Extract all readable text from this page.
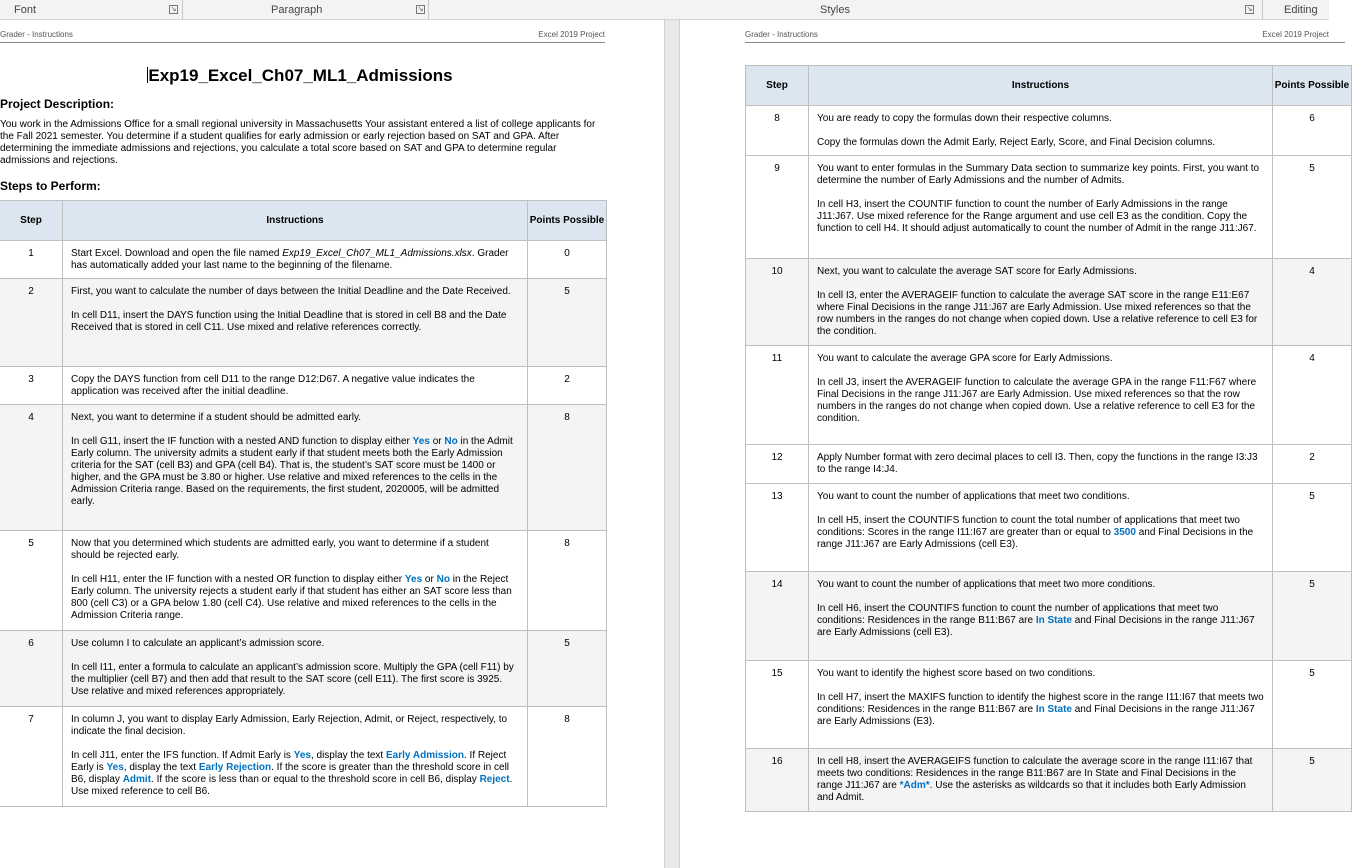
Font	↘	Paragraph	↘	Styles	↘	Editing
Grader - Instructions	Excel 2019 Project
Exp19_Excel_Ch07_ML1_Admissions
Project Description:
You work in the Admissions Office for a small regional university in Massachusetts Your assistant entered a list of college applicants for the Fall 2021 semester. You determine if a student qualifies for early admission or early rejection based on SAT and GPA. After determining the immediate admissions and rejections, you calculate a total score based on SAT and GPA to determine regular admissions and rejections.
Steps to Perform:
Step	Instructions	Points Possible
1	Start Excel. Download and open the file named Exp19_Excel_Ch07_ML1_Admissions.xlsx. Grader has automatically added your last name to the beginning of the filename.	0
2	First, you want to calculate the number of days between the Initial Deadline and the Date Received.

In cell D11, insert the DAYS function using the Initial Deadline that is stored in cell B8 and the Date Received that is stored in cell C11. Use mixed and relative references correctly.	5
3	Copy the DAYS function from cell D11 to the range D12:D67. A negative value indicates the application was received after the initial deadline.	2
4	Next, you want to determine if a student should be admitted early.

In cell G11, insert the IF function with a nested AND function to display either Yes or No in the Admit Early column. The university admits a student early if that student meets both the Early Admission criteria for the SAT (cell B3) and GPA (cell B4). That is, the student’s SAT score must be 1400 or higher, and the GPA must be 3.80 or higher. Use relative and mixed references to the cells in the Admission Criteria range. Based on the requirements, the first student, 2020005, will be admitted early.	8
5	Now that you determined which students are admitted early, you want to determine if a student should be rejected early.

In cell H11, enter the IF function with a nested OR function to display either Yes or No in the Reject Early column. The university rejects a student early if that student has either an SAT score less than 800 (cell C3) or a GPA below 1.80 (cell C4). Use relative and mixed references to the cells in the Admission Criteria range.	8
6	Use column I to calculate an applicant’s admission score.

In cell I11, enter a formula to calculate an applicant’s admission score. Multiply the GPA (cell F11) by the multiplier (cell B7) and then add that result to the SAT score (cell E11). The first score is 3925. Use relative and mixed references appropriately.	5
7	In column J, you want to display Early Admission, Early Rejection, Admit, or Reject, respectively, to indicate the final decision.

In cell J11, enter the IFS function. If Admit Early is Yes, display the text Early Admission. If Reject Early is Yes, display the text Early Rejection. If the score is greater than the threshold score in cell B6, display Admit. If the score is less than or equal to the threshold score in cell B6, display Reject. Use mixed reference to cell B6.	8
Grader - Instructions	Excel 2019 Project
Step	Instructions	Points Possible
8	You are ready to copy the formulas down their respective columns.

Copy the formulas down the Admit Early, Reject Early, Score, and Final Decision columns.	6
9	You want to enter formulas in the Summary Data section to summarize key points. First, you want to determine the number of Early Admissions and the number of Admits.

In cell H3, insert the COUNTIF function to count the number of Early Admissions in the range J11:J67. Use mixed reference for the Range argument and use cell E3 as the condition. Copy the function to cell H4. It should adjust automatically to count the number of Admit in the range J11:J67.	5
10	Next, you want to calculate the average SAT score for Early Admissions.

In cell I3, enter the AVERAGEIF function to calculate the average SAT score in the range E11:E67 where Final Decisions in the range J11:J67 are Early Admission. Use mixed references so that the row numbers in the ranges do not change when copied down. Use a relative reference to cell E3 for the condition.	4
11	You want to calculate the average GPA score for Early Admissions.

In cell J3, insert the AVERAGEIF function to calculate the average GPA in the range F11:F67 where Final Decisions in the range J11:J67 are Early Admission. Use mixed references so that the row numbers in the ranges do not change when copied down. Use a relative reference to cell E3 for the condition.	4
12	Apply Number format with zero decimal places to cell I3. Then, copy the functions in the range I3:J3 to the range I4:J4.	2
13	You want to count the number of applications that meet two conditions.

In cell H5, insert the COUNTIFS function to count the total number of applications that meet two conditions: Scores in the range I11:I67 are greater than or equal to 3500 and Final Decisions in the range J11:J67 are Early Admissions (cell E3).	5
14	You want to count the number of applications that meet two more conditions.

In cell H6, insert the COUNTIFS function to count the number of applications that meet two conditions: Residences in the range B11:B67 are In State and Final Decisions in the range J11:J67 are Early Admissions (cell E3).	5
15	You want to identify the highest score based on two conditions.

In cell H7, insert the MAXIFS function to identify the highest score in the range I11:I67 that meets two conditions: Residences in the range B11:B67 are In State and Final Decisions in the range J11:J67 are Early Admissions (E3).	5
16	In cell H8, insert the AVERAGEIFS function to calculate the average score in the range I11:I67 that meets two conditions: Residences in the range B11:B67 are In State and Final Decisions in the range J11:J67 are *Adm*. Use the asterisks as wildcards so that it includes both Early Admission and Admit.	5
